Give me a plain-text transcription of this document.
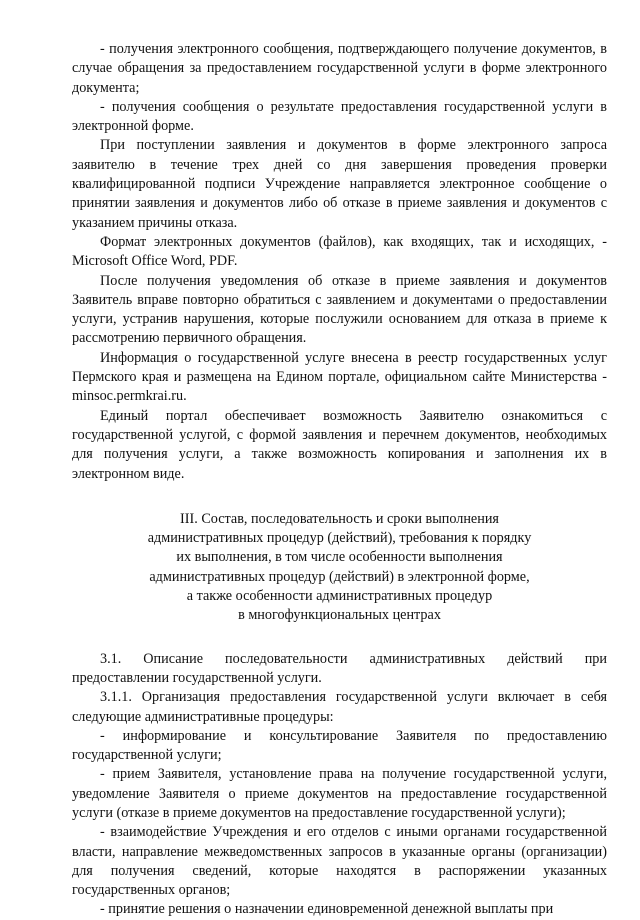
- получения электронного сообщения, подтверждающего получение документов, в случае обращения за предоставлением государственной услуги в форме электронного документа;

- получения сообщения о результате предоставления государственной услуги в электронной форме.

При поступлении заявления и документов в форме электронного запроса заявителю в течение трех дней со дня завершения проведения проверки квалифицированной подписи Учреждение направляется электронное сообщение о принятии заявления и документов либо об отказе в приеме заявления и документов с указанием причины отказа.

Формат электронных документов (файлов), как входящих, так и исходящих, - Microsoft Office Word, PDF.

После получения уведомления об отказе в приеме заявления и документов Заявитель вправе повторно обратиться с заявлением и документами о предоставлении услуги, устранив нарушения, которые послужили основанием для отказа в приеме к рассмотрению первичного обращения.

Информация о государственной услуге внесена в реестр государственных услуг Пермского края и размещена на Едином портале, официальном сайте Министерства - minsoc.permkrai.ru.

Единый портал обеспечивает возможность Заявителю ознакомиться с государственной услугой, с формой заявления и перечнем документов, необходимых для получения услуги, а также возможность копирования и заполнения их в электронном виде.

III. Состав, последовательность и сроки выполнения
административных процедур (действий), требования к порядку
их выполнения, в том числе особенности выполнения
административных процедур (действий) в электронной форме,
а также особенности административных процедур
в многофункциональных центрах

3.1. Описание последовательности административных действий при предоставлении государственной услуги.

3.1.1. Организация предоставления государственной услуги включает в себя следующие административные процедуры:

- информирование и консультирование Заявителя по предоставлению государственной услуги;

- прием Заявителя, установление права на получение государственной услуги, уведомление Заявителя о приеме документов на предоставление государственной услуги (отказе в приеме документов на предоставление государственной услуги);

- взаимодействие Учреждения и его отделов с иными органами государственной власти, направление межведомственных запросов в указанные органы (организации) для получения сведений, которые находятся в распоряжении указанных государственных органов;

- принятие решения о назначении единовременной денежной выплаты при
